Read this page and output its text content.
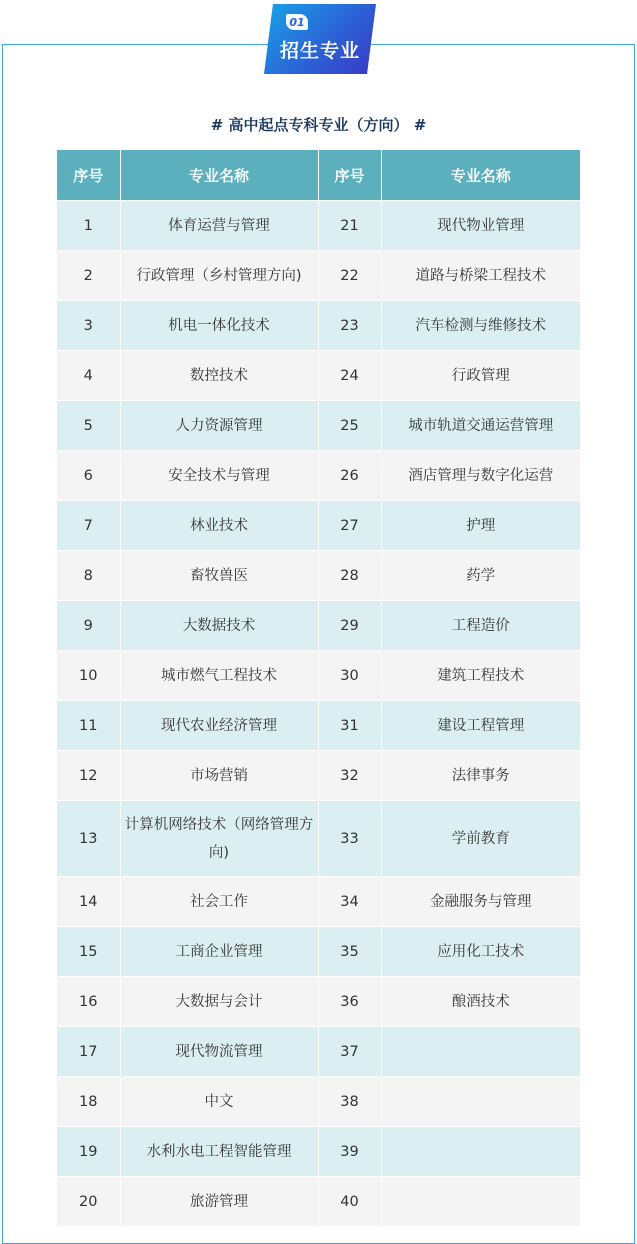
01
招生专业
# 高中起点专科专业（方向） #
序号	专业名称	序号	专业名称
1	体育运营与管理	21	现代物业管理
2	行政管理（乡村管理方向)	22	道路与桥梁工程技术
3	机电一体化技术	23	汽车检测与维修技术
4	数控技术	24	行政管理
5	人力资源管理	25	城市轨道交通运营管理
6	安全技术与管理	26	酒店管理与数字化运营
7	林业技术	27	护理
8	畜牧兽医	28	药学
9	大数据技术	29	工程造价
10	城市燃气工程技术	30	建筑工程技术
11	现代农业经济管理	31	建设工程管理
12	市场营销	32	法律事务
13	计算机网络技术（网络管理方向)	33	学前教育
14	社会工作	34	金融服务与管理
15	工商企业管理	35	应用化工技术
16	大数据与会计	36	酿酒技术
17	现代物流管理	37	
18	中文	38	
19	水利水电工程智能管理	39	
20	旅游管理	40	
